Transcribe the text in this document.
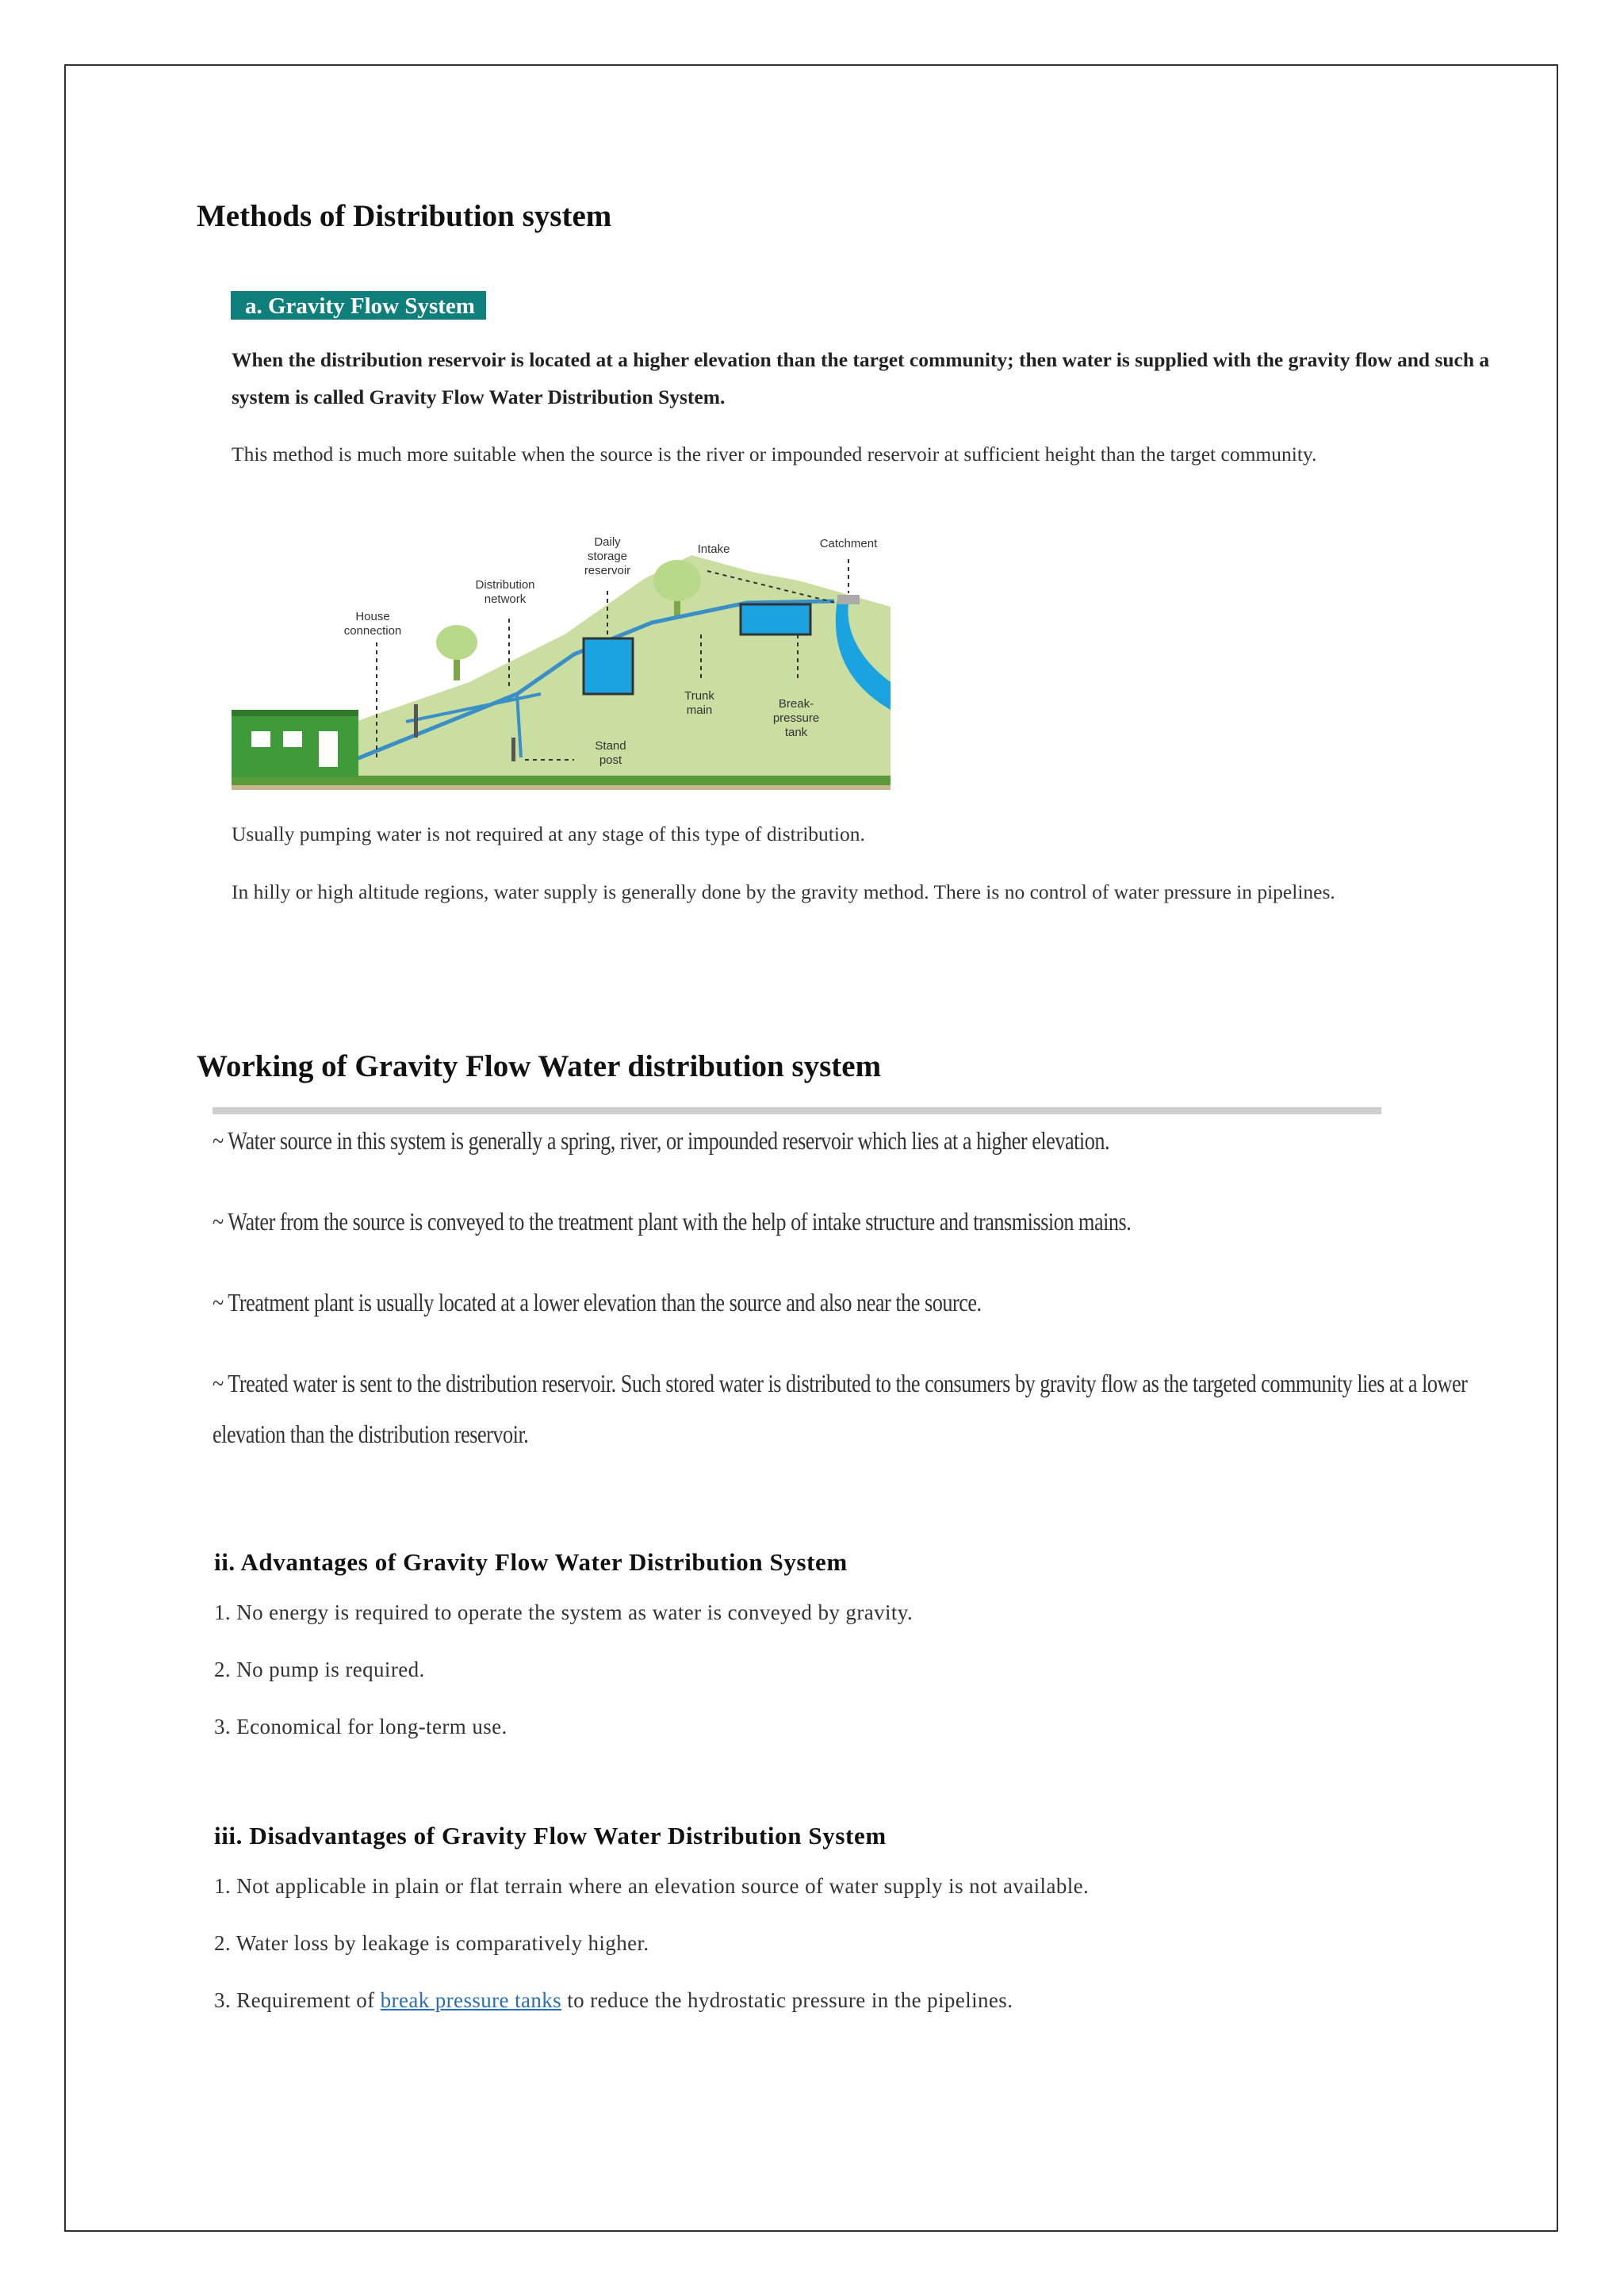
Methods of Distribution system
a. Gravity Flow System
When the distribution reservoir is located at a higher elevation than the target community; then water is supplied with the gravity flow and such a system is called Gravity Flow Water Distribution System.
This method is much more suitable when the source is the river or impounded reservoir at sufficient height than the target community.
Daily
storage
reservoir
Intake	Catchment
Distribution
network
House
connection
Trunk
main	Break-
pressure
tank
Stand
post
Usually pumping water is not required at any stage of this type of distribution.
In hilly or high altitude regions, water supply is generally done by the gravity method. There is no control of water pressure in pipelines.
Working of Gravity Flow Water distribution system
~ Water source in this system is generally a spring, river, or impounded reservoir which lies at a higher elevation.
~ Water from the source is conveyed to the treatment plant with the help of intake structure and transmission mains.
~ Treatment plant is usually located at a lower elevation than the source and also near the source.
~ Treated water is sent to the distribution reservoir. Such stored water is distributed to the consumers by gravity flow as the targeted community lies at a lower elevation than the distribution reservoir.
ii. Advantages of Gravity Flow Water Distribution System
1. No energy is required to operate the system as water is conveyed by gravity.
2. No pump is required.
3. Economical for long-term use.
iii. Disadvantages of Gravity Flow Water Distribution System
1. Not applicable in plain or flat terrain where an elevation source of water supply is not available.
2. Water loss by leakage is comparatively higher.
3. Requirement of break pressure tanks to reduce the hydrostatic pressure in the pipelines.
